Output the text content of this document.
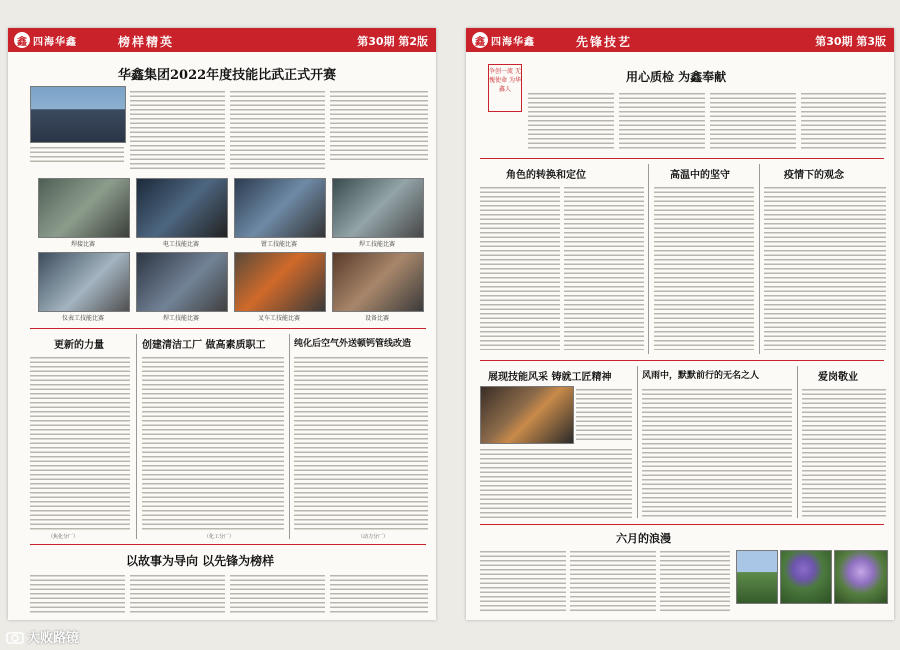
鑫 四海华鑫	榜样精英	第30期 第2版
华鑫集团2022年度技能比武正式开赛
焊接比赛	电工技能比赛	钳工技能比赛	焊工技能比赛
仪表工技能比赛	焊工技能比赛	叉车工技能比赛	设备比赛
更新的力量
（焦化分厂）
创建清洁工厂 做高素质职工
（化工分厂）
纯化后空气外送顿钙管线改造
（动力分厂）
以故事为导向 以先锋为榜样
鑫 四海华鑫	先锋技艺	第30期 第3版
争创一流 无愧使命 为华鑫人
用心质检 为鑫奉献
角色的转换和定位	高温中的坚守	疫情下的观念
展现技能风采 铸就工匠精神	风雨中，默默前行的无名之人	爱岗敬业
六月的浪漫
大败路镜
